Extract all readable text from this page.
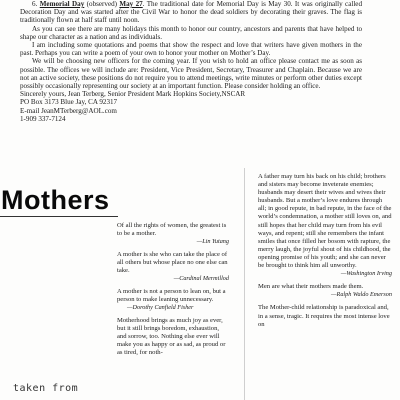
6. Memorial Day (observed) May 27. The traditional date for Memorial Day is May 30. It was originally called Decoration Day and was started after the Civil War to honor the dead soldiers by decorating their graves. The flag is traditionally flown at half staff until noon.

As you can see there are many holidays this month to honor our country, ancestors and parents that have helped to shape our character as a nation and as individuals.

I am including some quotations and poems that show the respect and love that writers have given mothers in the past. Perhaps you can write a poem of your own to honor your mother on Mother’s Day.

We will be choosing new officers for the coming year. If you wish to hold an office please contact me as soon as possible. The offices we will include are: President, Vice President, Secretary, Treasurer and Chaplain. Because we are not an active society, these positions do not require you to attend meetings, write minutes or perform other duties except possibly occasionally representing our society at an important function. Please consider holding an office.

Sincerely yours, Jean Terberg, Senior President Mark Hopkins Society,NSCAR

PO Box 3173 Blue Jay, CA 92317

E-mail JeanMTerberg@AOL.com

1-909 337-7124

Mothers
Of all the rights of women, the greatest is to be a mother.
—Lin Yutang
A mother is she who can take the place of all others but whose place no one else can take.
—Cardinal Mermillod
A mother is not a person to lean on, but a person to make leaning unnecessary.
—Dorothy Canfield Fisher
Motherhood brings as much joy as ever, but it still brings boredom, exhaustion, and sorrow, too. Nothing else ever will make you as happy or as sad, as proud or as tired, for noth-
A father may turn his back on his child; brothers and sisters may become inveterate enemies; husbands may desert their wives and wives their husbands. But a mother’s love endures through all; in good repute, in bad repute, in the face of the world’s condemnation, a mother still loves on, and still hopes that her child may turn from his evil ways, and repent; still she remembers the infant smiles that once filled her bosom with rapture, the merry laugh, the joyful shout of his childhood, the opening promise of his youth; and she can never be brought to think him all unworthy.
—Washington Irving
Men are what their mothers made them.
—Ralph Waldo Emerson
The Mother-child relationship is paradoxical and, in a sense, tragic. It requires the most intense love on
taken from
